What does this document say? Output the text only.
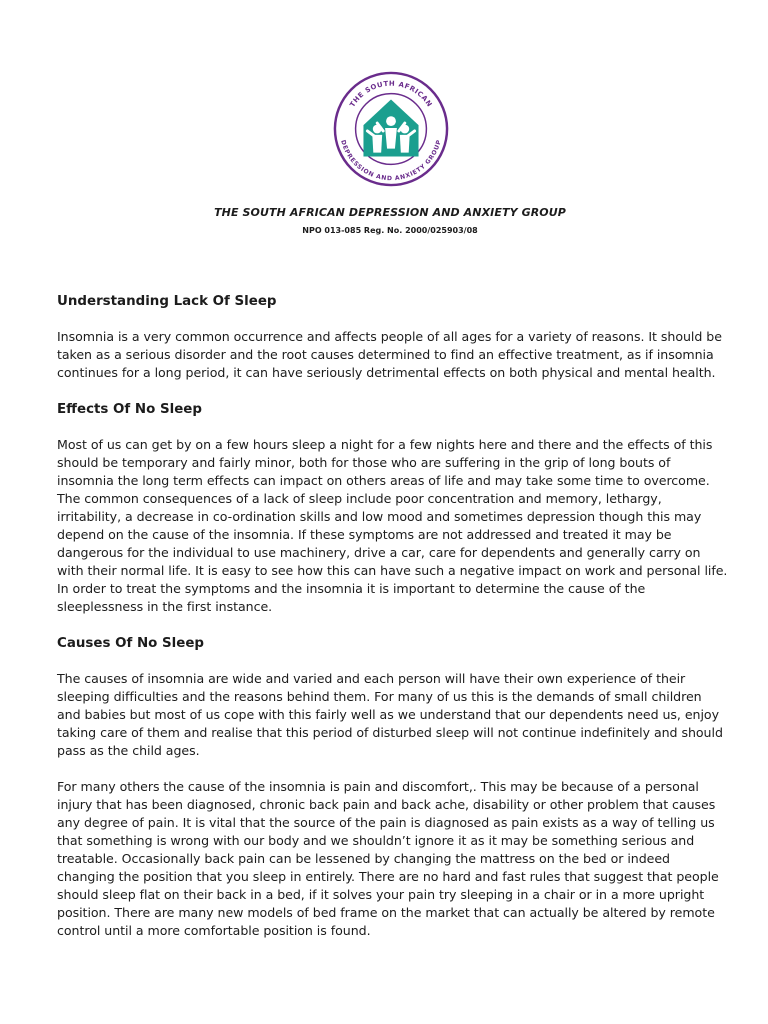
THE SOUTH AFRICAN
DEPRESSION AND ANXIETY GROUP
THE SOUTH AFRICAN DEPRESSION AND ANXIETY GROUP
NPO 013-085 Reg. No. 2000/025903/08
Understanding Lack Of Sleep

Insomnia is a very common occurrence and affects people of all ages for a variety of reasons. It should be taken as a serious disorder and the root causes determined to find an effective treatment, as if insomnia continues for a long period, it can have seriously detrimental effects on both physical and mental health.

Effects Of No Sleep

Most of us can get by on a few hours sleep a night for a few nights here and there and the effects of this should be temporary and fairly minor, both for those who are suffering in the grip of long bouts of insomnia the long term effects can impact on others areas of life and may take some time to overcome. The common consequences of a lack of sleep include poor concentration and memory, lethargy, irritability, a decrease in co-ordination skills and low mood and sometimes depression though this may depend on the cause of the insomnia. If these symptoms are not addressed and treated it may be dangerous for the individual to use machinery, drive a car, care for dependents and generally carry on with their normal life. It is easy to see how this can have such a negative impact on work and personal life. In order to treat the symptoms and the insomnia it is important to determine the cause of the sleeplessness in the first instance.

Causes Of No Sleep

The causes of insomnia are wide and varied and each person will have their own experience of their sleeping difficulties and the reasons behind them. For many of us this is the demands of small children and babies but most of us cope with this fairly well as we understand that our dependents need us, enjoy taking care of them and realise that this period of disturbed sleep will not continue indefinitely and should pass as the child ages.

For many others the cause of the insomnia is pain and discomfort,. This may be because of a personal injury that has been diagnosed, chronic back pain and back ache, disability or other problem that causes any degree of pain. It is vital that the source of the pain is diagnosed as pain exists as a way of telling us that something is wrong with our body and we shouldn’t ignore it as it may be something serious and treatable. Occasionally back pain can be lessened by changing the mattress on the bed or indeed changing the position that you sleep in entirely. There are no hard and fast rules that suggest that people should sleep flat on their back in a bed, if it solves your pain try sleeping in a chair or in a more upright position. There are many new models of bed frame on the market that can actually be altered by remote control until a more comfortable position is found.
